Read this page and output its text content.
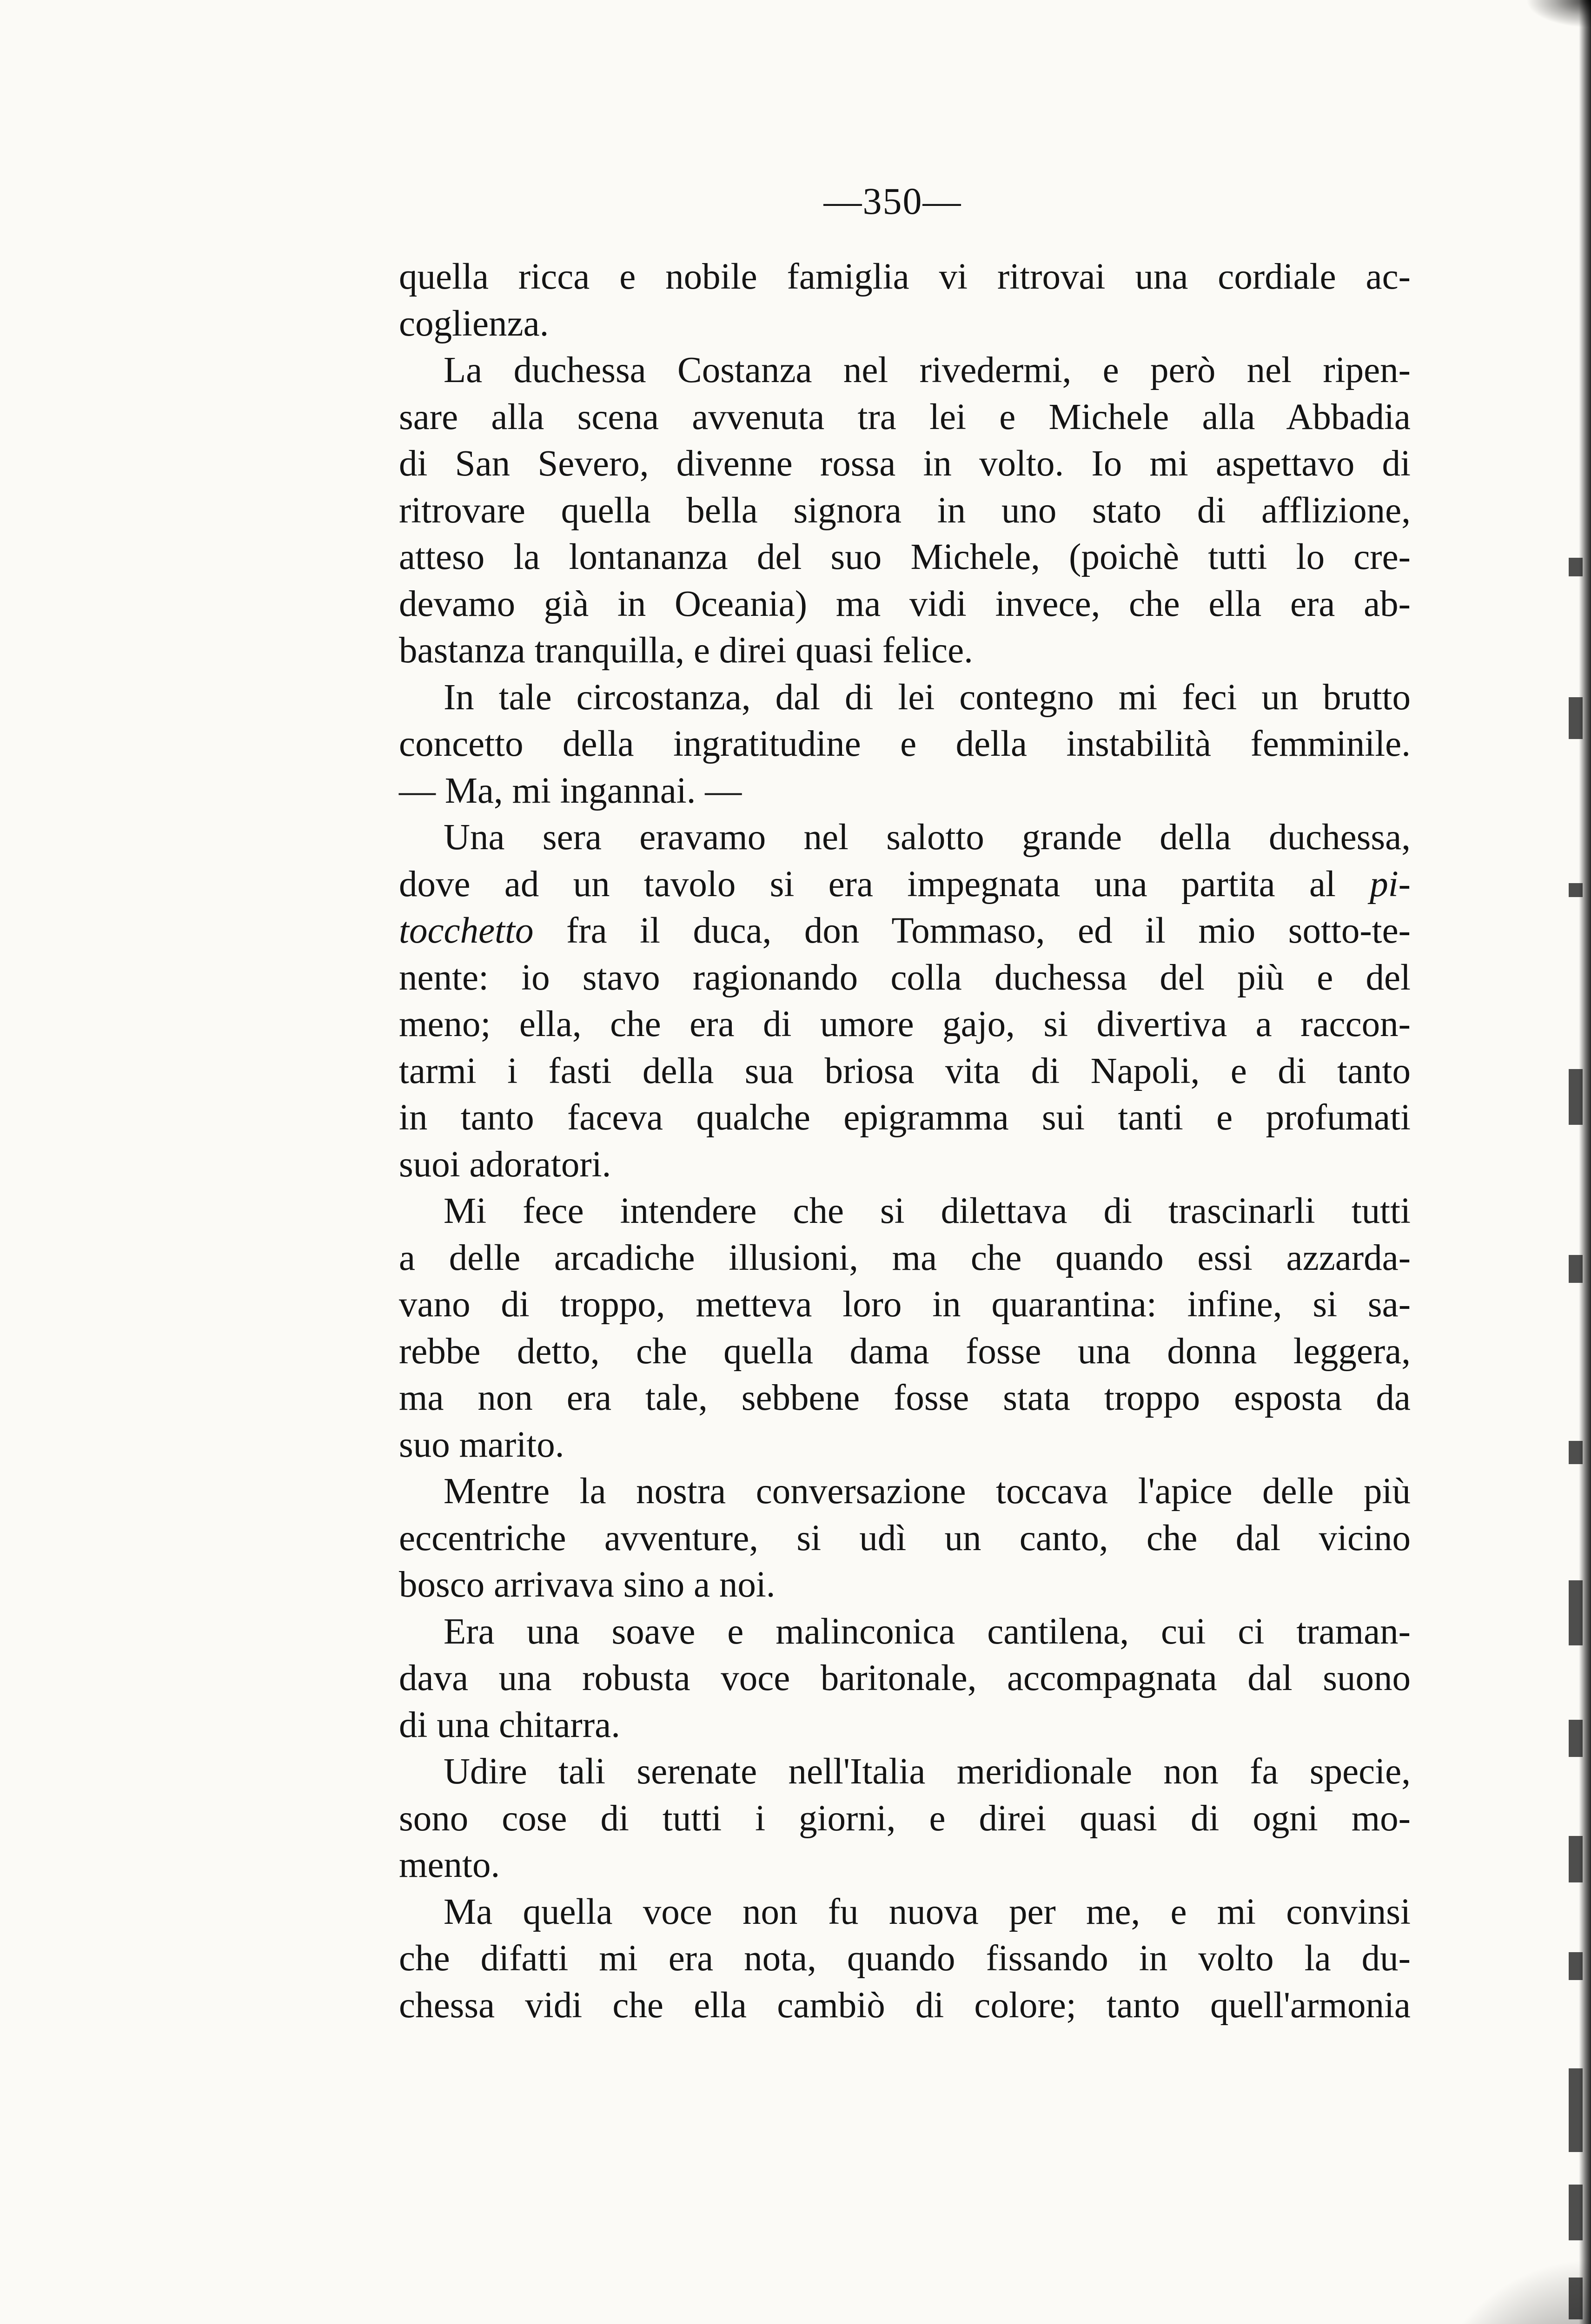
—350—
quella ricca e nobile famiglia vi ritrovai una cordiale ac-
coglienza.
La duchessa Costanza nel rivedermi, e però nel ripen-
sare alla scena avvenuta tra lei e Michele alla Abbadia
di San Severo, divenne rossa in volto. Io mi aspettavo di
ritrovare quella bella signora in uno stato di afflizione,
atteso la lontananza del suo Michele, (poichè tutti lo cre-
devamo già in Oceania) ma vidi invece, che ella era ab-
bastanza tranquilla, e direi quasi felice.
In tale circostanza, dal di lei contegno mi feci un brutto
concetto della ingratitudine e della instabilità femminile.
— Ma, mi ingannai. —
Una sera eravamo nel salotto grande della duchessa,
dove ad un tavolo si era impegnata una partita al pi-
tocchetto fra il duca, don Tommaso, ed il mio sotto-te-
nente: io stavo ragionando colla duchessa del più e del
meno; ella, che era di umore gajo, si divertiva a raccon-
tarmi i fasti della sua briosa vita di Napoli, e di tanto
in tanto faceva qualche epigramma sui tanti e profumati
suoi adoratori.
Mi fece intendere che si dilettava di trascinarli tutti
a delle arcadiche illusioni, ma che quando essi azzarda-
vano di troppo, metteva loro in quarantina: infine, si sa-
rebbe detto, che quella dama fosse una donna leggera,
ma non era tale, sebbene fosse stata troppo esposta da
suo marito.
Mentre la nostra conversazione toccava l'apice delle più
eccentriche avventure, si udì un canto, che dal vicino
bosco arrivava sino a noi.
Era una soave e malinconica cantilena, cui ci traman-
dava una robusta voce baritonale, accompagnata dal suono
di una chitarra.
Udire tali serenate nell'Italia meridionale non fa specie,
sono cose di tutti i giorni, e direi quasi di ogni mo-
mento.
Ma quella voce non fu nuova per me, e mi convinsi
che difatti mi era nota, quando fissando in volto la du-
chessa vidi che ella cambiò di colore; tanto quell'armonia
